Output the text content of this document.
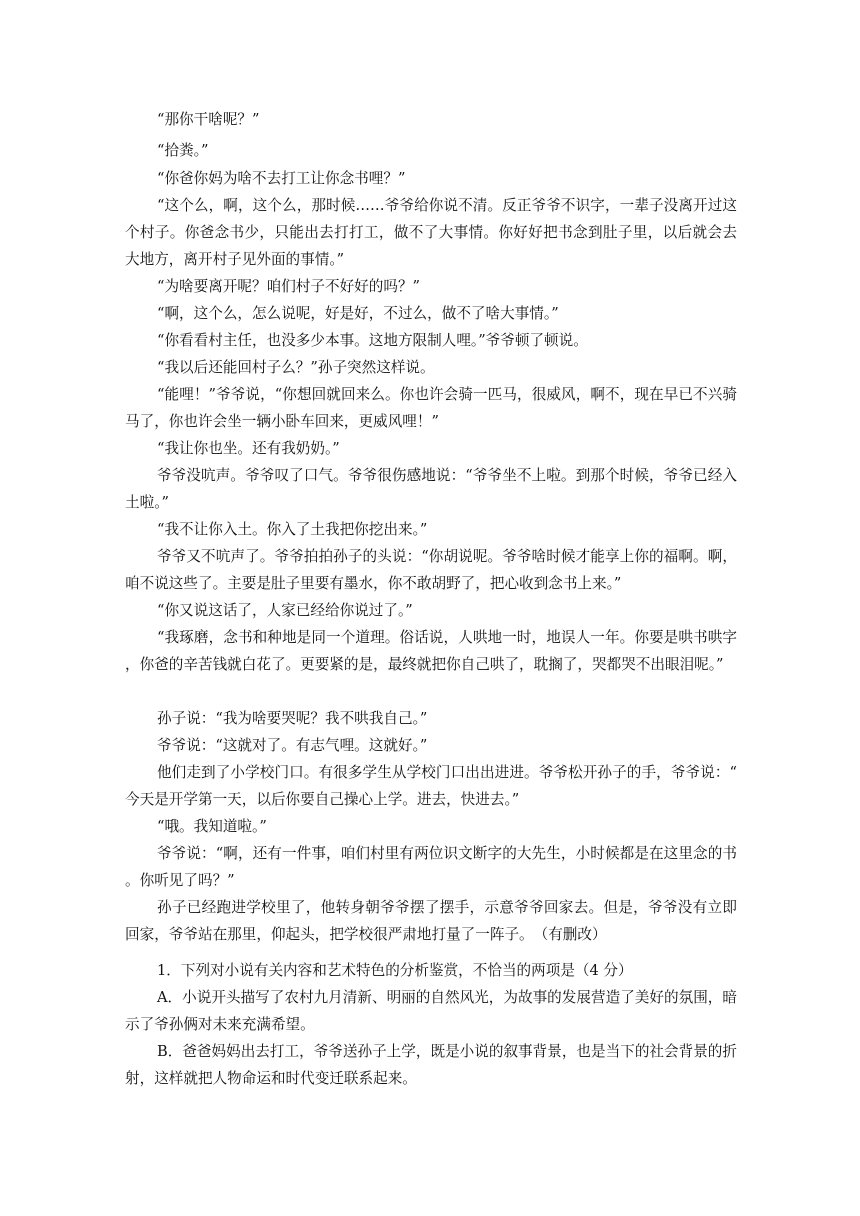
“那你干啥呢？”

“拾粪。”

“你爸你妈为啥不去打工让你念书哩？”

“这个么，啊，这个么，那时候……爷爷给你说不清。反正爷爷不识字，一辈子没离开过这个村子。你爸念书少，只能出去打打工，做不了大事情。你好好把书念到肚子里，以后就会去大地方，离开村子见外面的事情。”

“为啥要离开呢？咱们村子不好好的吗？”

“啊，这个么，怎么说呢，好是好，不过么，做不了啥大事情。”

“你看看村主任，也没多少本事。这地方限制人哩。”爷爷顿了顿说。

“我以后还能回村子么？”孙子突然这样说。

“能哩！”爷爷说，“你想回就回来么。你也许会骑一匹马，很威风，啊不，现在早已不兴骑马了，你也许会坐一辆小卧车回来，更威风哩！”

“我让你也坐。还有我奶奶。”

爷爷没吭声。爷爷叹了口气。爷爷很伤感地说：“爷爷坐不上啦。到那个时候，爷爷已经入土啦。”

“我不让你入土。你入了土我把你挖出来。”

爷爷又不吭声了。爷爷拍拍孙子的头说：“你胡说呢。爷爷啥时候才能享上你的福啊。啊，咱不说这些了。主要是肚子里要有墨水，你不敢胡野了，把心收到念书上来。”

“你又说这话了，人家已经给你说过了。”

“我琢磨，念书和种地是同一个道理。俗话说，人哄地一时，地误人一年。你要是哄书哄字，你爸的辛苦钱就白花了。更要紧的是，最终就把你自己哄了，耽搁了，哭都哭不出眼泪呢。”

孙子说：“我为啥要哭呢？我不哄我自己。”

爷爷说：“这就对了。有志气哩。这就好。”

他们走到了小学校门口。有很多学生从学校门口出出进进。爷爷松开孙子的手，爷爷说：“今天是开学第一天，以后你要自己操心上学。进去，快进去。”

“哦。我知道啦。”

爷爷说：“啊，还有一件事，咱们村里有两位识文断字的大先生，小时候都是在这里念的书。你听见了吗？”

孙子已经跑进学校里了，他转身朝爷爷摆了摆手，示意爷爷回家去。但是，爷爷没有立即回家，爷爷站在那里，仰起头，把学校很严肃地打量了一阵子。　（有删改）

1．下列对小说有关内容和艺术特色的分析鉴赏，不恰当的两项是（4 分）

A．小说开头描写了农村九月清新、明丽的自然风光，为故事的发展营造了美好的氛围，暗示了爷孙俩对未来充满希望。

B．爸爸妈妈出去打工，爷爷送孙子上学，既是小说的叙事背景，也是当下的社会背景的折射，这样就把人物命运和时代变迁联系起来。
